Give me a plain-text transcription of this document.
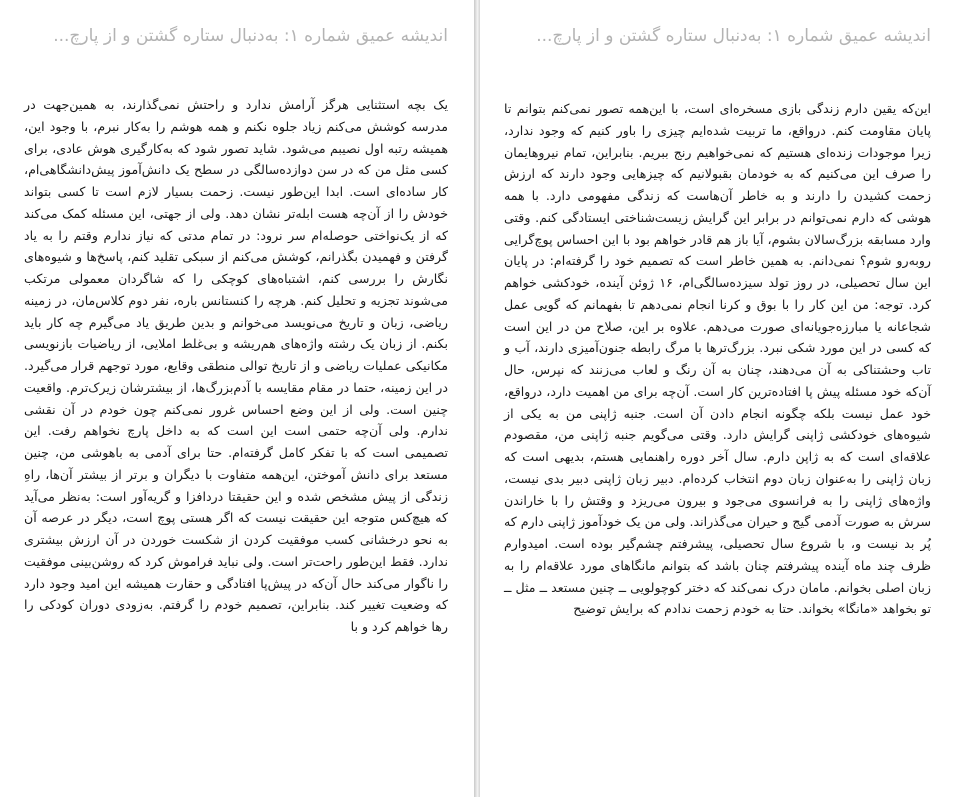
اندیشه عمیق شماره ۱: به‌دنبال ستاره گشتن و از پارچ...

یک بچه استثنایی هرگز آرامش ندارد و راحتش نمی‌گذارند، به همین‌جهت در مدرسه کوشش می‌کنم زیاد جلوه نکنم و همه هوشم را به‌کار نبرم، با وجود این، همیشه رتبه اول نصیبم می‌شود. شاید تصور شود که به‌کارگیری هوش عادی، برای کسی مثل من که در سن دوازده‌سالگی در سطح یک دانش‌آموز پیش‌دانشگاهی‌ام، کار ساده‌ای است. ابدا این‌طور نیست. زحمت بسیار لازم است تا کسی بتواند خودش را از آن‌چه هست ابله‌تر نشان دهد. ولی از جهتی، این مسئله کمک می‌کند که از یک‌نواختی حوصله‌ام سر نرود: در تمام مدتی که نیاز ندارم وقتم را به یاد گرفتن و فهمیدن بگذرانم، کوشش می‌کنم از سبکی تقلید کنم، پاسخ‌ها و شیوه‌های نگارش را بررسی کنم، اشتباه‌های کوچکی را که شاگردان معمولی مرتکب می‌شوند تجزیه و تحلیل کنم. هرچه را کنستانس باره، نفر دوم کلاس‌مان، در زمینه ریاضی، زبان و تاریخ می‌نویسد می‌خوانم و بدین طریق یاد می‌گیرم چه کار باید بکنم. از زبان یک رشته واژه‌های هم‌ریشه و بی‌غلط املایی، از ریاضیات بازنویسی مکانیکی عملیات ریاضی و از تاریخ توالی منطقی وقایع، مورد توجهم قرار می‌گیرد. در این زمینه، حتما در مقام مقایسه با آدم‌بزرگ‌ها، از بیشترشان زیرک‌ترم. واقعیت چنین است. ولی از این وضع احساس غرور نمی‌کنم چون خودم در آن نقشی ندارم. ولی آن‌چه حتمی است این است که به داخل پارچ نخواهم رفت. این تصمیمی است که با تفکر کامل گرفته‌ام. حتا برای آدمی به باهوشی من، چنین مستعد برای دانش آموختن، این‌همه متفاوت با دیگران و برتر از بیشتر آن‌ها، راهِ زندگی از پیش مشخص شده و این حقیقتا دردافزا و گریه‌آور است: به‌نظر می‌آید که هیچ‌کس متوجه این حقیقت نیست که اگر هستی پوچ است، دیگر در عرصه آن به نحو درخشانی کسب موفقیت کردن از شکست خوردن در آن ارزش بیشتری ندارد. فقط این‌طور راحت‌تر است. ولی نباید فراموش کرد که روشن‌بینی موفقیت را ناگوار می‌کند حال آن‌که در پیش‌پا افتادگی و حقارت همیشه این امید وجود دارد که وضعیت تغییر کند. بنابراین، تصمیم خودم را گرفتم. به‌زودی دوران کودکی را رها خواهم کرد و با

اندیشه عمیق شماره ۱: به‌دنبال ستاره گشتن و از پارچ...

این‌که یقین دارم زندگی بازی مسخره‌ای است، با این‌همه تصور نمی‌کنم بتوانم تا پایان مقاومت کنم. درواقع، ما تربیت شده‌ایم چیزی را باور کنیم که وجود ندارد، زیرا موجودات زنده‌ای هستیم که نمی‌خواهیم رنج ببریم. بنابراین، تمام نیروهایمان را صرف این می‌کنیم که به خودمان بقبولانیم که چیزهایی وجود دارند که ارزش زحمت کشیدن را دارند و به خاطر آن‌هاست که زندگی مفهومی دارد. با همه هوشی که دارم نمی‌توانم در برابر این گرایش زیست‌شناختی ایستادگی کنم. وقتی وارد مسابقه بزرگ‌سالان بشوم، آیا باز هم قادر خواهم بود با این احساس پوچ‌گرایی روبه‌رو شوم؟ نمی‌دانم. به همین خاطر است که تصمیم خود را گرفته‌ام: در پایان این سال تحصیلی، در روز تولد سیزده‌سالگی‌ام، ۱۶ ژوئن آینده، خودکشی خواهم کرد. توجه: من این کار را با بوق و کرنا انجام نمی‌دهم تا بفهمانم که گویی عمل شجاعانه یا مبارزه‌جویانه‌ای صورت می‌دهم. علاوه بر این، صلاح من در این است که کسی در این مورد شکی نبرد. بزرگ‌ترها با مرگ رابطه جنون‌آمیزی دارند، آب و تاب وحشتناکی به آن می‌دهند، چنان به آن رنگ و لعاب می‌زنند که نپرس، حال آن‌که خود مسئله پیش پا افتاده‌ترین کار است. آن‌چه برای من اهمیت دارد، درواقع، خود عمل نیست بلکه چگونه انجام دادن آن است. جنبه ژاپنی من به یکی از شیوه‌های خودکشی ژاپنی گرایش دارد. وقتی می‌گویم جنبه ژاپنی من، مقصودم علاقه‌ای است که به ژاپن دارم. سال آخر دوره راهنمایی هستم، بدیهی است که زبان ژاپنی را به‌عنوان زبان دوم انتخاب کرده‌ام. دبیر زبان ژاپنی دبیر بدی نیست، واژه‌های ژاپنی را به فرانسوی می‌جود و بیرون می‌ریزد و وقتش را با خاراندن سرش به صورت آدمی گیج و حیران می‌گذراند. ولی من یک خودآموز ژاپنی دارم که پُر بد نیست و، با شروع سال تحصیلی، پیشرفتم چشم‌گیر بوده است. امیدوارم ظرف چند ماه آینده پیشرفتم چنان باشد که بتوانم مانگاهای مورد علاقه‌ام را به زبان اصلی بخوانم. مامان درک نمی‌کند که دختر کوچولویی ــ چنین مستعد ــ مثل ــ تو بخواهد «مانگا» بخواند. حتا به خودم زحمت ندادم که برایش توضیح
